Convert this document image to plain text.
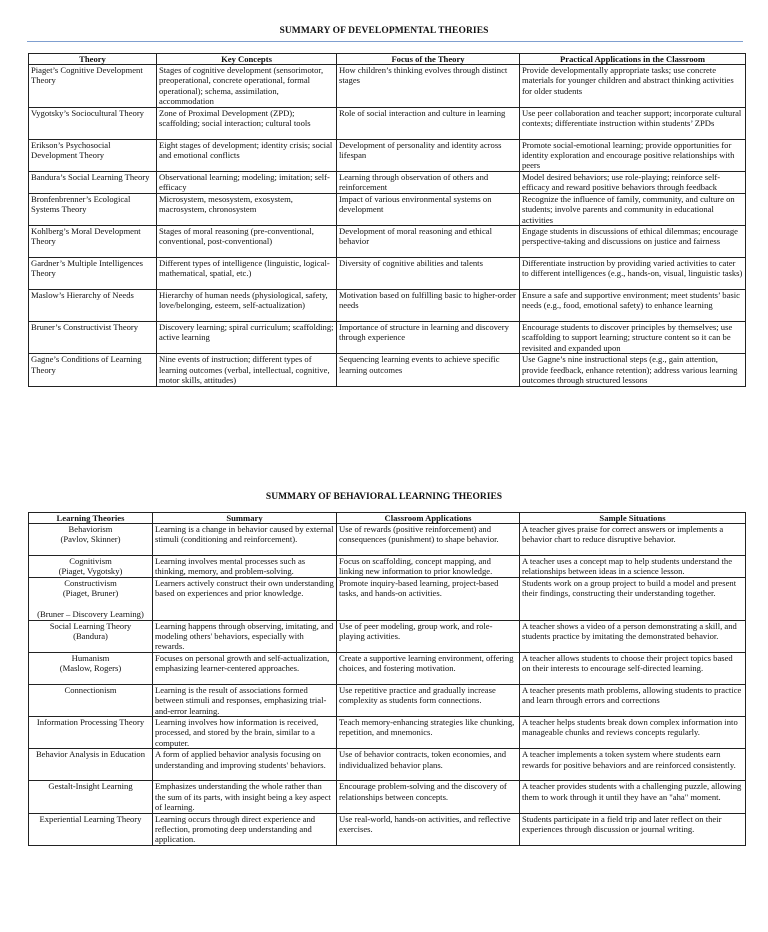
SUMMARY OF DEVELOPMENTAL THEORIES
Theory	Key Concepts	Focus of the Theory	Practical Applications in the Classroom
Piaget’s Cognitive Development Theory	Stages of cognitive development (sensorimotor, preoperational, concrete operational, formal operational); schema, assimilation, accommodation	How children’s thinking evolves through distinct stages	Provide developmentally appropriate tasks; use concrete materials for younger children and abstract thinking activities for older students
Vygotsky’s Sociocultural Theory	Zone of Proximal Development (ZPD); scaffolding; social interaction; cultural tools	Role of social interaction and culture in learning	Use peer collaboration and teacher support; incorporate cultural contexts; differentiate instruction within students’ ZPDs
Erikson’s Psychosocial Development Theory	Eight stages of development; identity crisis; social and emotional conflicts	Development of personality and identity across lifespan	Promote social-emotional learning; provide opportunities for identity exploration and encourage positive relationships with peers
Bandura’s Social Learning Theory	Observational learning; modeling; imitation; self-efficacy	Learning through observation of others and reinforcement	Model desired behaviors; use role-playing; reinforce self-efficacy and reward positive behaviors through feedback
Bronfenbrenner’s Ecological Systems Theory	Microsystem, mesosystem, exosystem, macrosystem, chronosystem	Impact of various environmental systems on development	Recognize the influence of family, community, and culture on students; involve parents and community in educational activities
Kohlberg’s Moral Development Theory	Stages of moral reasoning (pre-conventional, conventional, post-conventional)	Development of moral reasoning and ethical behavior	Engage students in discussions of ethical dilemmas; encourage perspective-taking and discussions on justice and fairness
Gardner’s Multiple Intelligences Theory	Different types of intelligence (linguistic, logical-mathematical, spatial, etc.)	Diversity of cognitive abilities and talents	Differentiate instruction by providing varied activities to cater to different intelligences (e.g., hands-on, visual, linguistic tasks)
Maslow’s Hierarchy of Needs	Hierarchy of human needs (physiological, safety, love/belonging, esteem, self-actualization)	Motivation based on fulfilling basic to higher-order needs	Ensure a safe and supportive environment; meet students’ basic needs (e.g., food, emotional safety) to enhance learning
Bruner’s Constructivist Theory	Discovery learning; spiral curriculum; scaffolding; active learning	Importance of structure in learning and discovery through experience	Encourage students to discover principles by themselves; use scaffolding to support learning; structure content so it can be revisited and expanded upon
Gagne’s Conditions of Learning Theory	Nine events of instruction; different types of learning outcomes (verbal, intellectual, cognitive, motor skills, attitudes)	Sequencing learning events to achieve specific learning outcomes	Use Gagne’s nine instructional steps (e.g., gain attention, provide feedback, enhance retention); address various learning outcomes through structured lessons
SUMMARY OF BEHAVIORAL LEARNING THEORIES
Learning Theories	Summary	Classroom Applications	Sample Situations
Behaviorism
(Pavlov, Skinner)	Learning is a change in behavior caused by external stimuli (conditioning and reinforcement).	Use of rewards (positive reinforcement) and consequences (punishment) to shape behavior.	A teacher gives praise for correct answers or implements a behavior chart to reduce disruptive behavior.
Cognitivism
(Piaget, Vygotsky)	Learning involves mental processes such as thinking, memory, and problem-solving.	Focus on scaffolding, concept mapping, and linking new information to prior knowledge.	A teacher uses a concept map to help students understand the relationships between ideas in a science lesson.
Constructivism
(Piaget, Bruner)

(Bruner – Discovery Learning)	Learners actively construct their own understanding based on experiences and prior knowledge.	Promote inquiry-based learning, project-based tasks, and hands-on activities.	Students work on a group project to build a model and present their findings, constructing their understanding together.
Social Learning Theory
(Bandura)	Learning happens through observing, imitating, and modeling others' behaviors, especially with rewards.	Use of peer modeling, group work, and role-playing activities.	A teacher shows a video of a person demonstrating a skill, and students practice by imitating the demonstrated behavior.
Humanism
(Maslow, Rogers)	Focuses on personal growth and self-actualization, emphasizing learner-centered approaches.	Create a supportive learning environment, offering choices, and fostering motivation.	A teacher allows students to choose their project topics based on their interests to encourage self-directed learning.
Connectionism	Learning is the result of associations formed between stimuli and responses, emphasizing trial-and-error learning.	Use repetitive practice and gradually increase complexity as students form connections.	A teacher presents math problems, allowing students to practice and learn through errors and corrections
Information Processing Theory	Learning involves how information is received, processed, and stored by the brain, similar to a computer.	Teach memory-enhancing strategies like chunking, repetition, and mnemonics.	A teacher helps students break down complex information into manageable chunks and reviews concepts regularly.
Behavior Analysis in Education	A form of applied behavior analysis focusing on understanding and improving students' behaviors.	Use of behavior contracts, token economies, and individualized behavior plans.	A teacher implements a token system where students earn rewards for positive behaviors and are reinforced consistently.
Gestalt-Insight Learning	Emphasizes understanding the whole rather than the sum of its parts, with insight being a key aspect of learning.	Encourage problem-solving and the discovery of relationships between concepts.	A teacher provides students with a challenging puzzle, allowing them to work through it until they have an "aha" moment.
Experiential Learning Theory	Learning occurs through direct experience and reflection, promoting deep understanding and application.	Use real-world, hands-on activities, and reflective exercises.	Students participate in a field trip and later reflect on their experiences through discussion or journal writing.
